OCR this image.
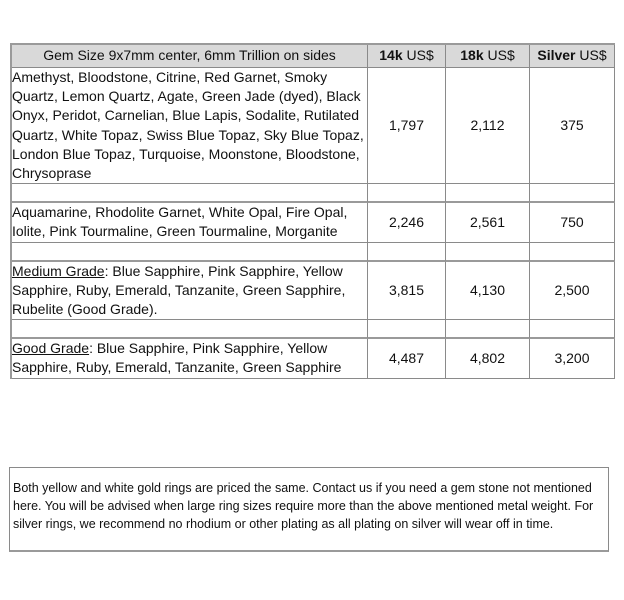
Gem Size 9x7mm center, 6mm Trillion on sides	14k US$	18k US$	Silver US$
Amethyst, Bloodstone, Citrine, Red Garnet, Smoky Quartz, Lemon Quartz, Agate, Green Jade (dyed), Black Onyx, Peridot, Carnelian, Blue Lapis, Sodalite, Rutilated Quartz, White Topaz, Swiss Blue Topaz, Sky Blue Topaz, London Blue Topaz, Turquoise, Moonstone, Bloodstone, Chrysoprase	1,797	2,112	375

Aquamarine, Rhodolite Garnet, White Opal, Fire Opal, Iolite, Pink Tourmaline, Green Tourmaline, Morganite	2,246	2,561	750

Medium Grade: Blue Sapphire, Pink Sapphire, Yellow Sapphire, Ruby, Emerald, Tanzanite, Green Sapphire, Rubelite (Good Grade).	3,815	4,130	2,500

Good Grade: Blue Sapphire, Pink Sapphire, Yellow Sapphire, Ruby, Emerald, Tanzanite, Green Sapphire	4,487	4,802	3,200
Both yellow and white gold rings are priced the same. Contact us if you need a gem stone not mentioned here. You will be advised when large ring sizes require more than the above mentioned metal weight. For silver rings, we recommend no rhodium or other plating as all plating on silver will wear off in time.
